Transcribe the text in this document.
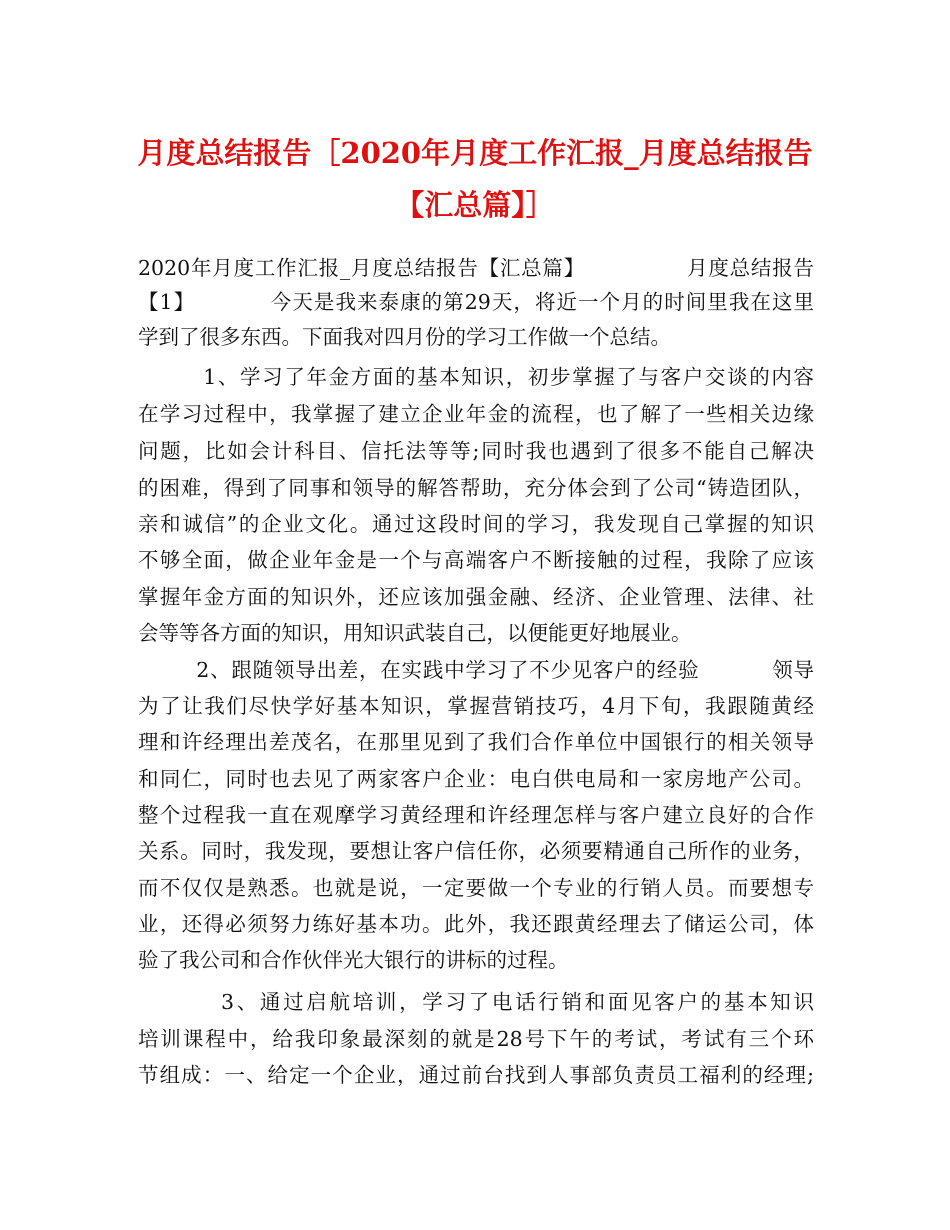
月度总结报告［2020年月度工作汇报_月度总结报告
【汇总篇】］
2020年月度工作汇报_月度总结报告【汇总篇】              月度总结报告
【1】          今天是我来泰康的第29天，将近一个月的时间里我在这里
学到了很多东西。下面我对四月份的学习工作做一个总结。
1、学习了年金方面的基本知识，初步掌握了与客户交谈的内容
在学习过程中，我掌握了建立企业年金的流程，也了解了一些相关边缘
问题，比如会计科目、信托法等等;同时我也遇到了很多不能自己解决
的困难，得到了同事和领导的解答帮助，充分体会到了公司“铸造团队，
亲和诚信”的企业文化。通过这段时间的学习，我发现自己掌握的知识
不够全面，做企业年金是一个与高端客户不断接触的过程，我除了应该
掌握年金方面的知识外，还应该加强金融、经济、企业管理、法律、社
会等等各方面的知识，用知识武装自己，以便能更好地展业。
2、跟随领导出差，在实践中学习了不少见客户的经验          领导
为了让我们尽快学好基本知识，掌握营销技巧，4月下旬，我跟随黄经
理和许经理出差茂名，在那里见到了我们合作单位中国银行的相关领导
和同仁，同时也去见了两家客户企业：电白供电局和一家房地产公司。
整个过程我一直在观摩学习黄经理和许经理怎样与客户建立良好的合作
关系。同时，我发现，要想让客户信任你，必须要精通自己所作的业务，
而不仅仅是熟悉。也就是说，一定要做一个专业的行销人员。而要想专
业，还得必须努力练好基本功。此外，我还跟黄经理去了储运公司，体
验了我公司和合作伙伴光大银行的讲标的过程。
3、通过启航培训，学习了电话行销和面见客户的基本知识
培训课程中，给我印象最深刻的就是28号下午的考试，考试有三个环
节组成：一、给定一个企业，通过前台找到人事部负责员工福利的经理;
